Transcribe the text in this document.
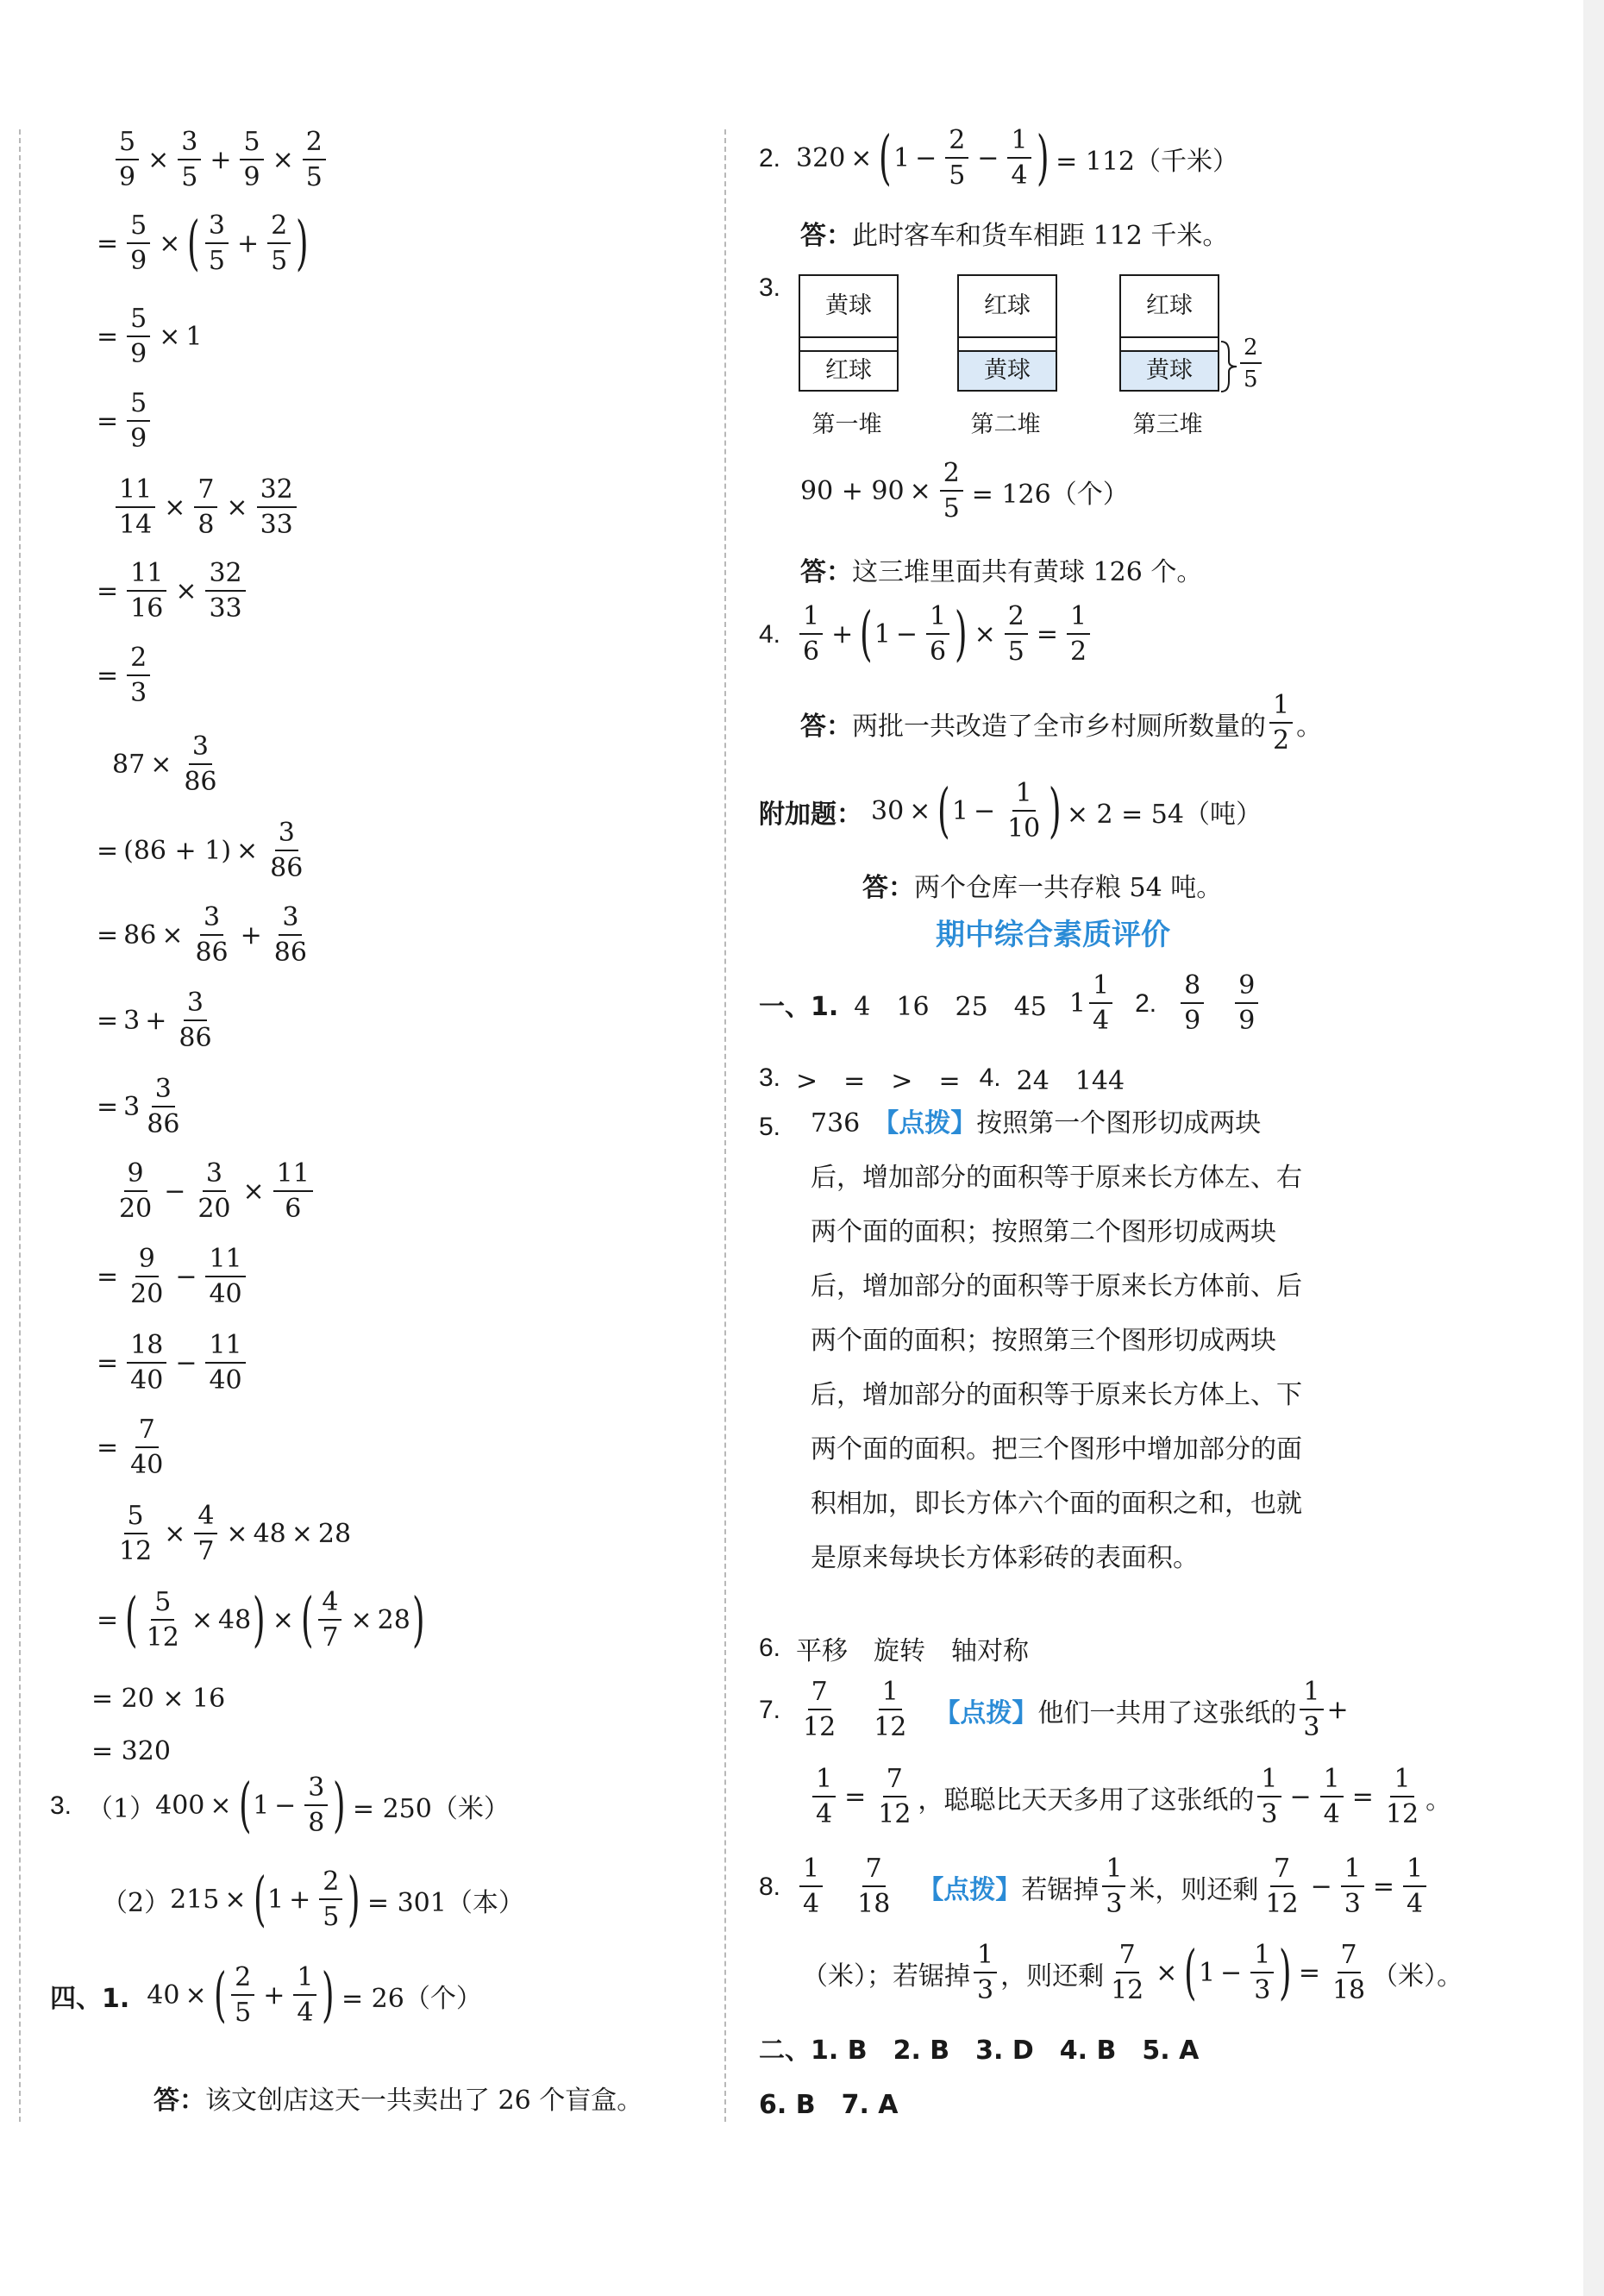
$\frac{5}{9} \times \frac{3}{5} + \frac{5}{9} \times \frac{2}{5}$
= $\frac{5}{9}$ × ( 3
5
+ $\frac{2}{5}$ )
= $\frac{5}{9} \times 1$
= $\frac{5}{9}$
$\frac{11}{14} \times \frac{7}{8} \times \frac{32}{33}$
= $\frac{11}{16} \times \frac{32}{33}$
= $\frac{2}{3}$
$87 \times \frac{3}{86}$
= $(86 + 1) \times \frac{3}{86}$
= $86 \times \frac{3}{86} + \frac{3}{86}$
= $3 + \frac{3}{86}$
= 3
3
86
9
20
− $\frac{3}{20} \times \frac{11}{6}$
= $\frac{9}{20} - \frac{11}{40}$
= $\frac{18}{40} - \frac{11}{40}$
= $\frac{7}{40}$
$\frac{5}{12} \times \frac{4}{7} \times 48 \times 28$
= ( $\frac{5}{12} \times 48$ ) × ( $\frac{4}{7} \times 28$ )
= 20 × 16
= 320
3. （1） 400 × ( $1 - \frac{3}{8}$ ) = 250（米）
（2） 215 × ( $1 + \frac{2}{5}$ ) = 301（本）
四、1. 40 × ( 2
5
+ $\frac{1}{4}$ ) = 26（个）
答： 该文创店这天一共卖出了 26 个盲盒。
2. 320 × ( $1 - \frac{2}{5} - \frac{1}{4}$ ) = 112（千米）
答： 此时客车和货车相距 112 千米。
3.
黄球
红球
第一堆
红球
黄球
第二堆
红球
黄球
第三堆
2
5
$90 + 90 \times \frac{2}{5} = 126$（个）
答： 这三堆里面共有黄球 126 个。
4.
1
6
+ ( $1 - \frac{1}{6}$ ) × $\frac{2}{5} = \frac{1}{2}$
答： 两批一共改造了全市乡村厕所数量的
1
2 。
附加题： 30 × ( $1 - \frac{1}{10}$ ) × 2 = 54（吨）
答： 两个仓库一共存粮 54 吨。
期中综合素质评价
一、1. 4　16　25　45 1
1
4
2.
8
9
9
9
3. >　=　>　= 4. 24　144
5. 736　 【点拨】按照第一个图形切成两块后，增加部分的面积等于原来长方体左、右两个面的面积；按照第二个图形切成两块后，增加部分的面积等于原来长方体前、后两个面的面积；按照第三个图形切成两块后，增加部分的面积等于原来长方体上、下两个面的面积。把三个图形中增加部分的面积相加，即长方体六个面的面积之和，也就是原来每块长方体彩砖的表面积。
6. 平移　旋转　轴对称
7.
7
12
1
12 【点拨】 他们一共用了这张纸的
1
3
+
$\frac{1}{4} = \frac{7}{12}$ ，聪聪比天天多用了这张纸的
1
3
− $\frac{1}{4} = \frac{1}{12}$ 。
8.
1
4
7
18 【点拨】 若锯掉
1
3 米，则还剩
7
12
− $\frac{1}{3} = \frac{1}{4}$
（米）；若锯掉
1
3 ，则还剩 $\frac{7}{12}$ × ( $1 - \frac{1}{3}$ ) = $\frac{7}{18}$ （米）。
二、1. B　2. B　3. D　4. B　5. A
6. B　7. A
